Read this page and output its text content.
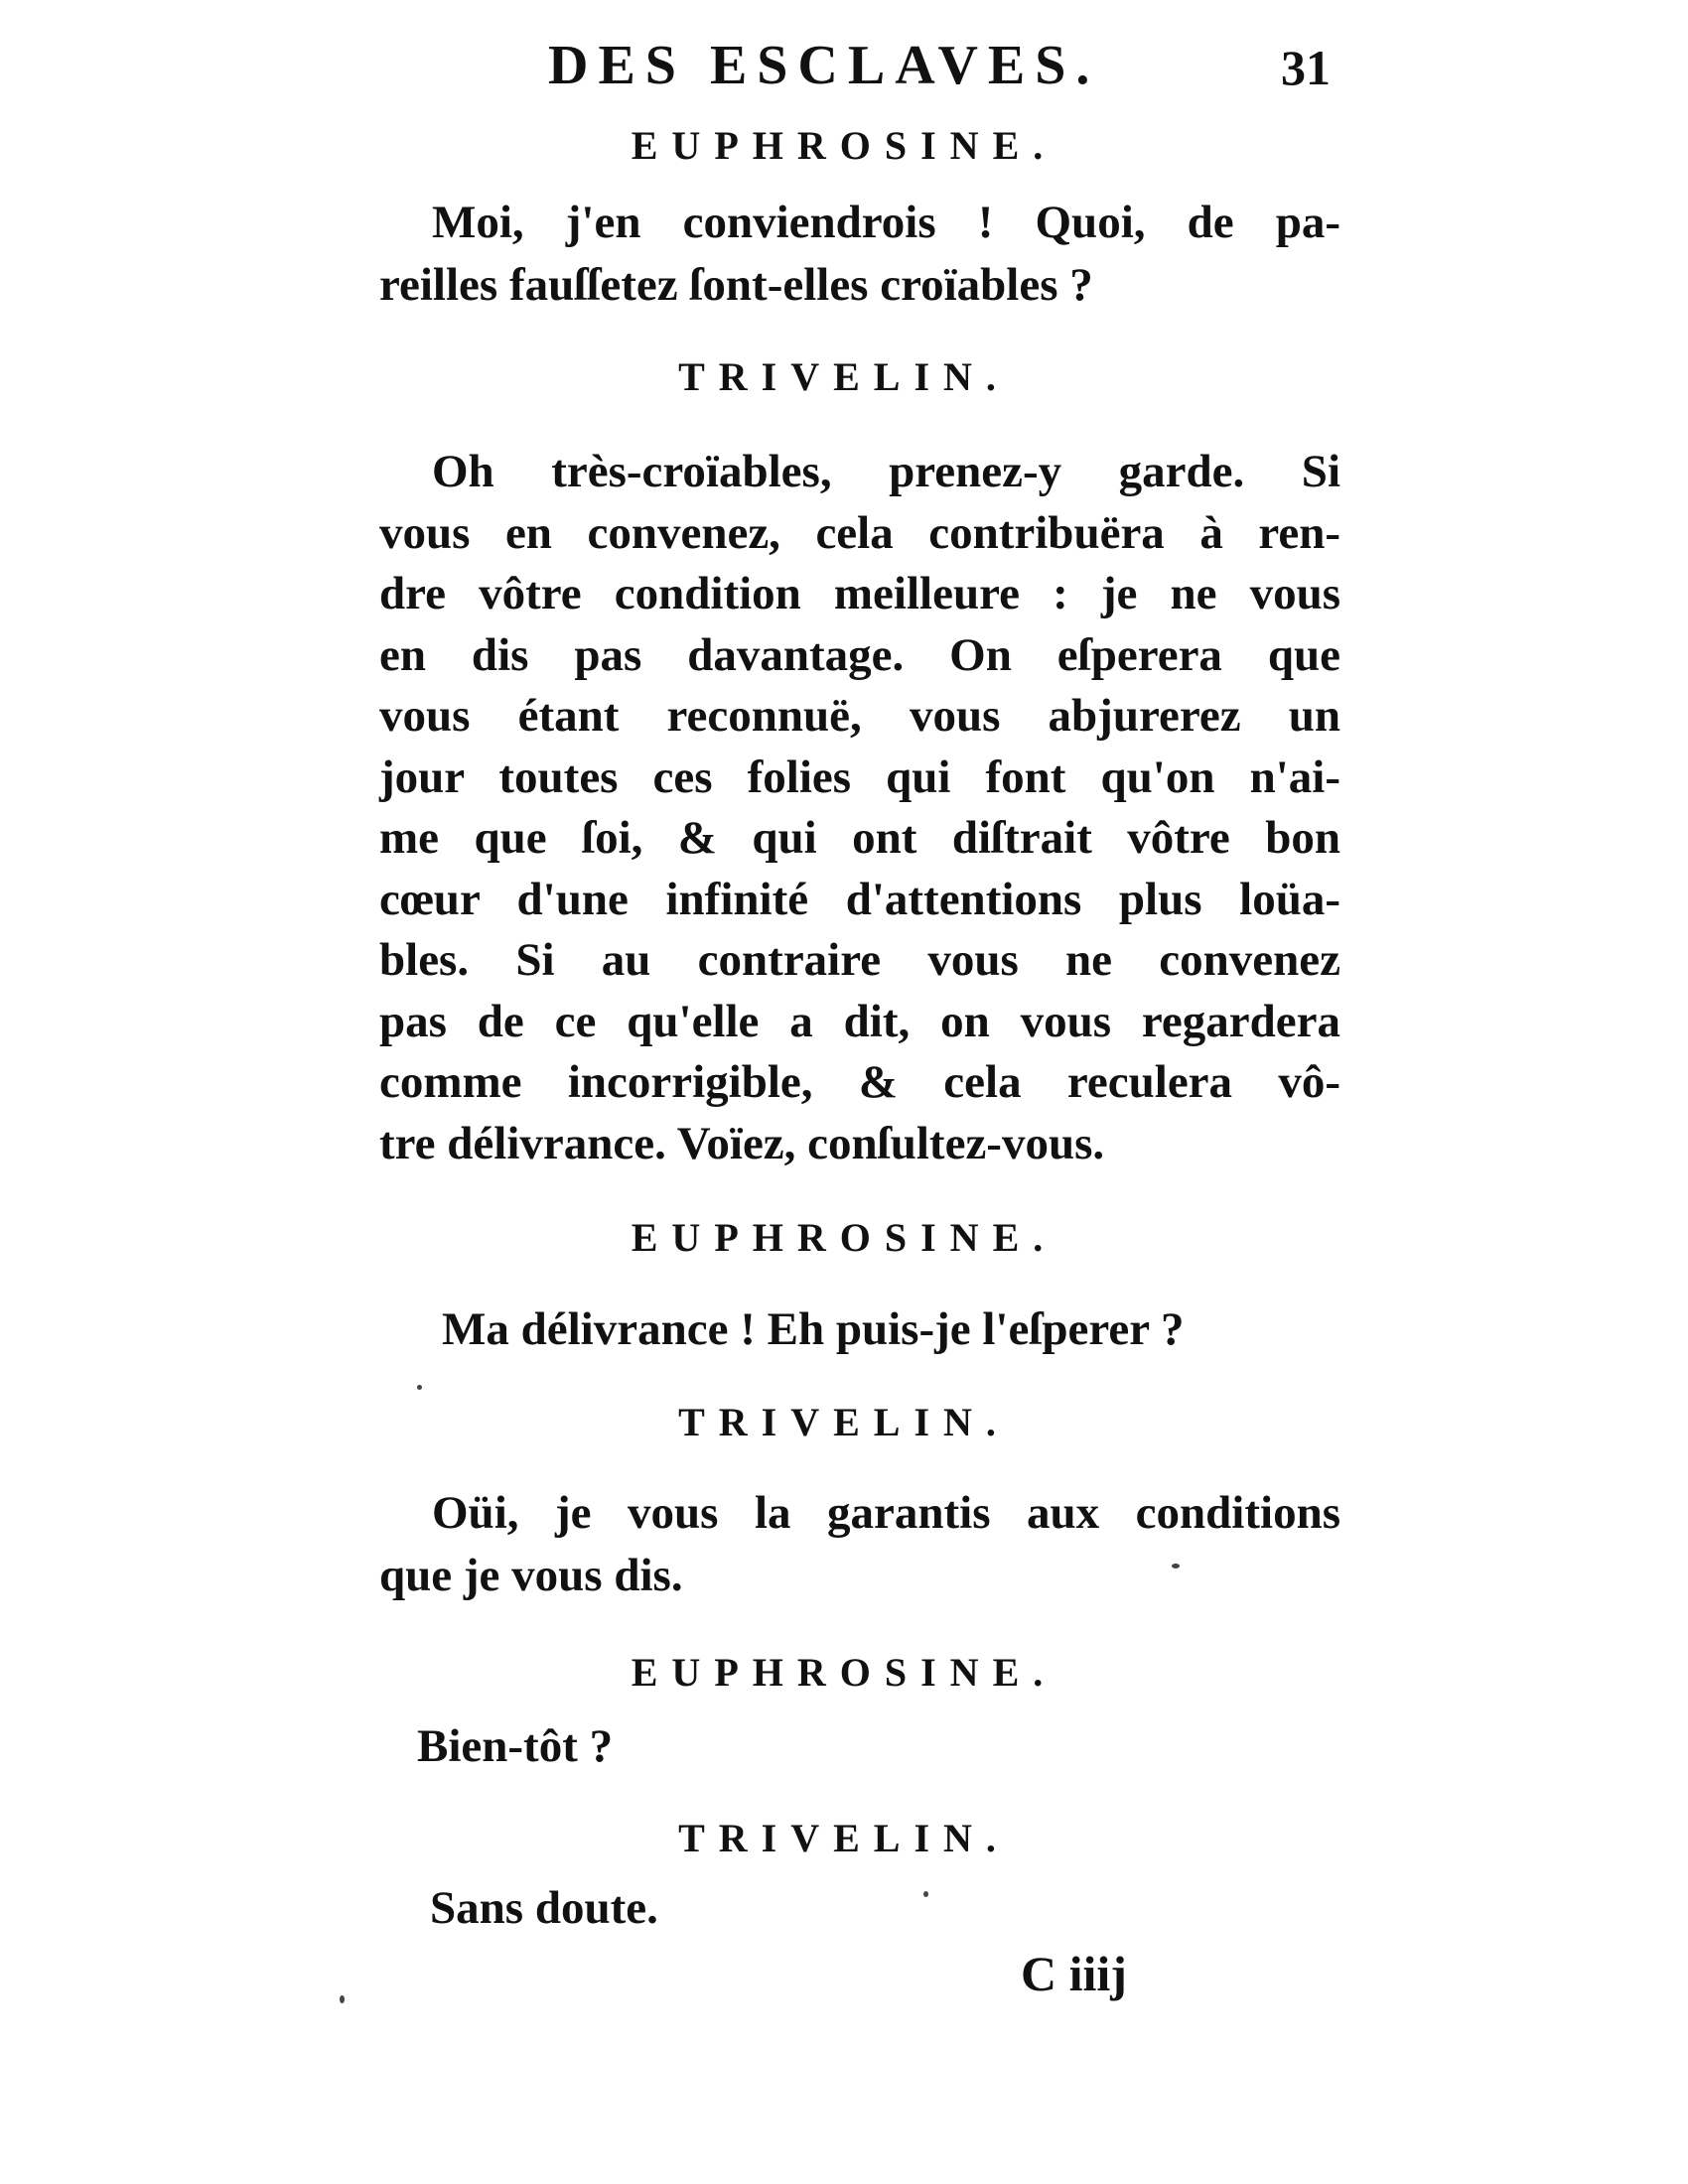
DES ESCLAVES.	31
EUPHROSINE.
Moi, j'en conviendrois ! Quoi, de pa-
reilles fauſſetez ſont-elles croïables ?
TRIVELIN.
Oh très-croïables, prenez-y garde. Si
vous en convenez, cela contribuëra à ren-
dre vôtre condition meilleure : je ne vous
en dis pas davantage. On eſperera que
vous étant reconnuë, vous abjurerez un
jour toutes ces folies qui font qu'on n'ai-
me que ſoi, & qui ont diſtrait vôtre bon
cœur d'une infinité d'attentions plus loüa-
bles. Si au contraire vous ne convenez
pas de ce qu'elle a dit, on vous regardera
comme incorrigible, & cela reculera vô-
tre délivrance. Voïez, conſultez-vous.
EUPHROSINE.
Ma délivrance ! Eh puis-je l'eſperer ?
TRIVELIN.
Oüi, je vous la garantis aux conditions
que je vous dis.
EUPHROSINE.
Bien-tôt ?
TRIVELIN.
Sans doute.
C iiij
